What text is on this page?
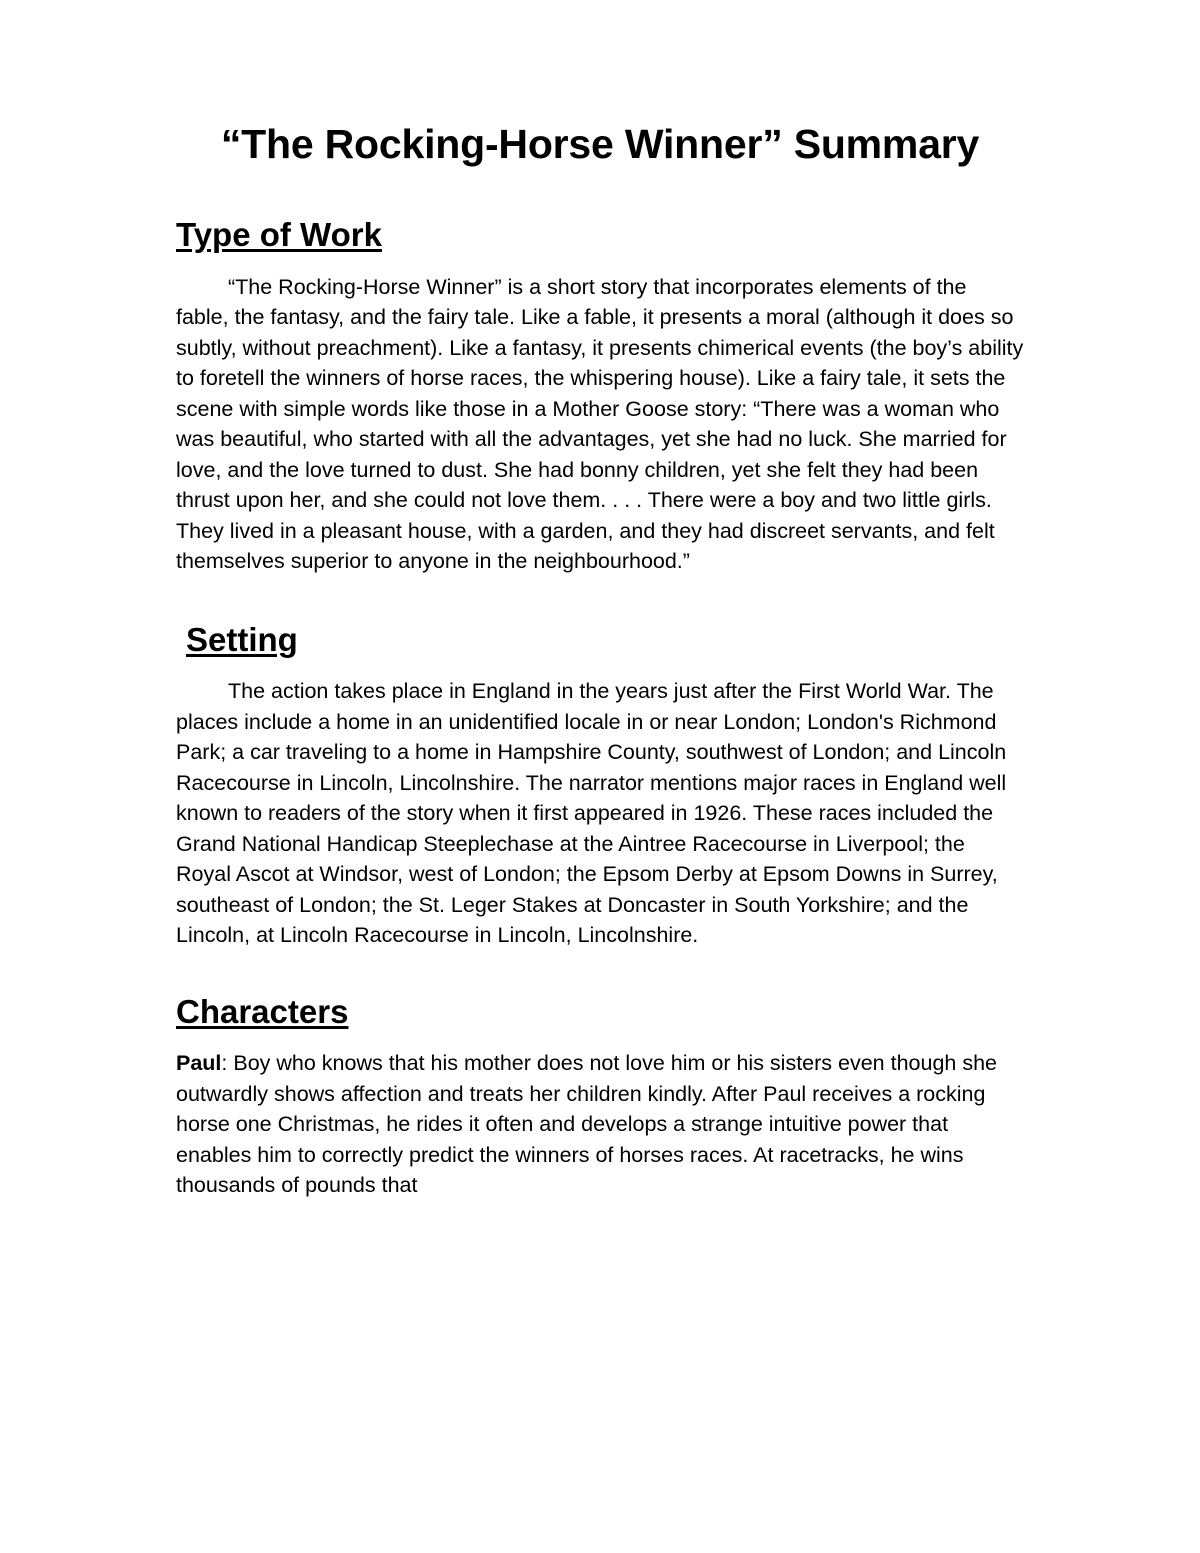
“The Rocking-Horse Winner” Summary
Type of Work

“The Rocking-Horse Winner” is a short story that incorporates elements of the fable, the fantasy, and the fairy tale. Like a fable, it presents a moral (although it does so subtly, without preachment). Like a fantasy, it presents chimerical events (the boy’s ability to foretell the winners of horse races, the whispering house). Like a fairy tale, it sets the scene with simple words like those in a Mother Goose story: “There was a woman who was beautiful, who started with all the advantages, yet she had no luck. She married for love, and the love turned to dust. She had bonny children, yet she felt they had been thrust upon her, and she could not love them. . . . There were a boy and two little girls. They lived in a pleasant house, with a garden, and they had discreet servants, and felt themselves superior to anyone in the neighbourhood.”

Setting

The action takes place in England in the years just after the First World War. The places include a home in an unidentified locale in or near London; London's Richmond Park; a car traveling to a home in Hampshire County, southwest of London; and Lincoln Racecourse in Lincoln, Lincolnshire. The narrator mentions major races in England well known to readers of the story when it first appeared in 1926. These races included the Grand National Handicap Steeplechase at the Aintree Racecourse in Liverpool; the Royal Ascot at Windsor, west of London; the Epsom Derby at Epsom Downs in Surrey, southeast of London; the St. Leger Stakes at Doncaster in South Yorkshire; and the Lincoln, at Lincoln Racecourse in Lincoln, Lincolnshire.

Characters

Paul: Boy who knows that his mother does not love him or his sisters even though she outwardly shows affection and treats her children kindly. After Paul receives a rocking horse one Christmas, he rides it often and develops a strange intuitive power that enables him to correctly predict the winners of horses races. At racetracks, he wins thousands of pounds that
